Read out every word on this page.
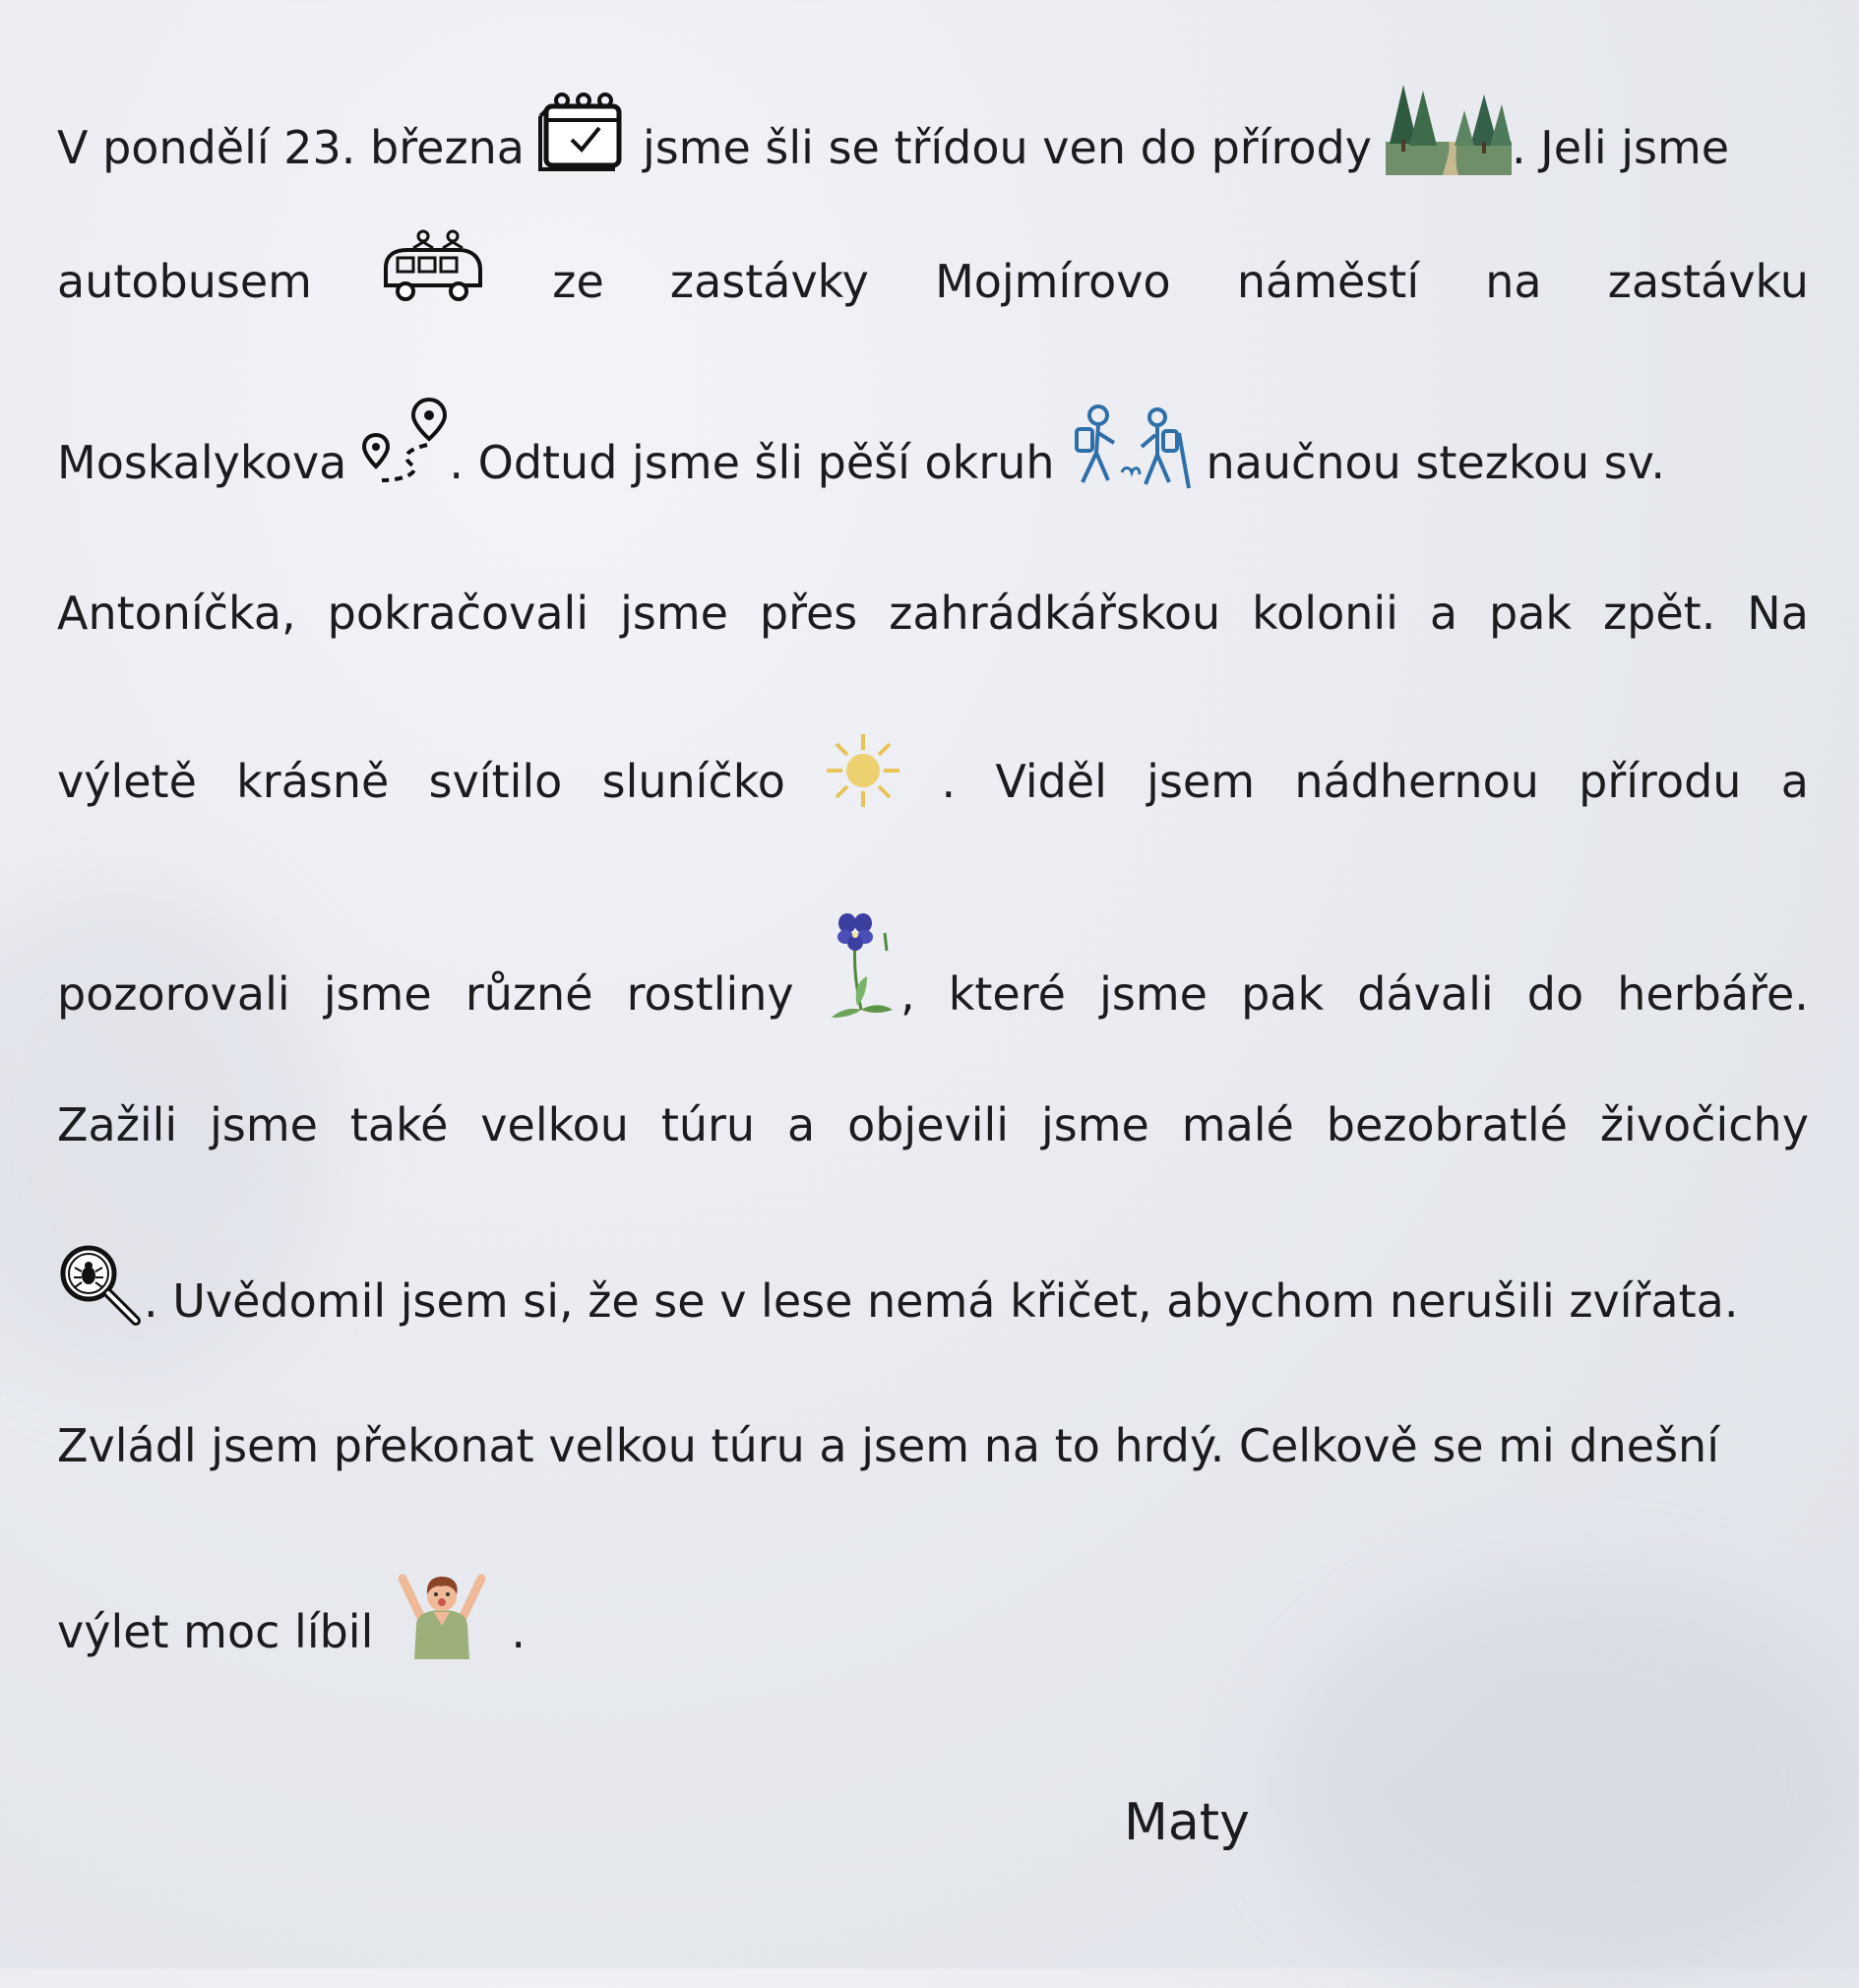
V pondělí 23. března	jsme šli se třídou ven do přírody	. Jeli jsme
autobusem	ze zastávky Mojmírovo náměstí na zastávku
Moskalykova . Odtud jsme šli pěší okruh	naučnou stezkou sv.
Antoníčka, pokračovali jsme přes zahrádkářskou kolonii a pak zpět. Na
výletě krásně svítilo sluníčko	. Viděl jsem nádhernou přírodu a
pozorovali jsme různé rostliny , které jsme pak dávali do herbáře.
Zažili jsme také velkou túru a objevili jsme malé bezobratlé živočichy
. Uvědomil jsem si, že se v lese nemá křičet, abychom nerušili zvířata.
Zvládl jsem překonat velkou túru a jsem na to hrdý. Celkově se mi dnešní
výlet moc líbil	.
Maty
